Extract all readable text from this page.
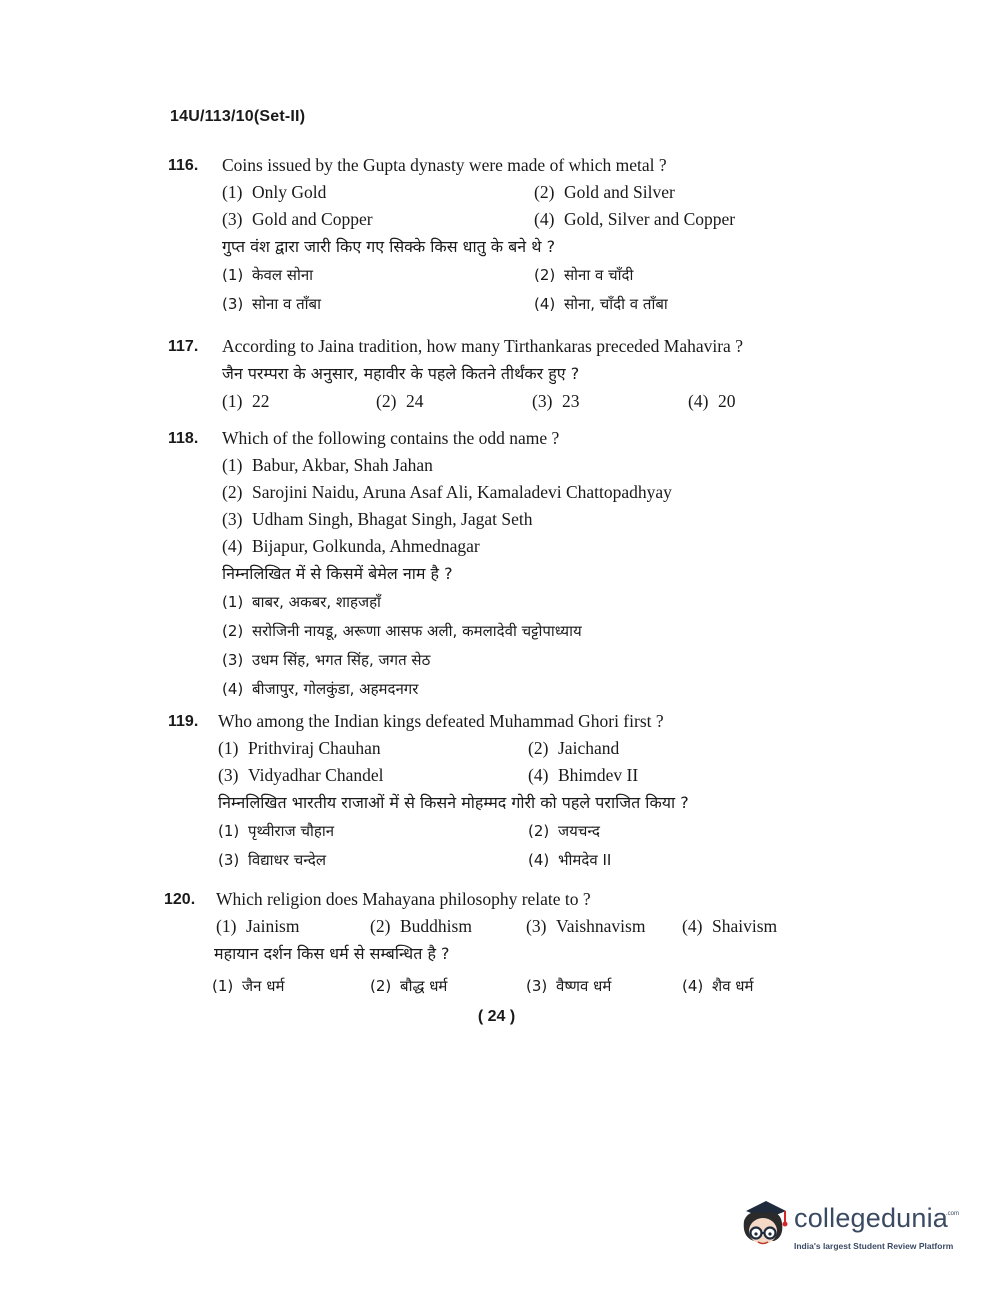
14U/113/10(Set-II)
116.	Coins issued by the Gupta dynasty were made of which metal ?
(1) Only Gold	(2) Gold and Silver
(3) Gold and Copper	(4) Gold, Silver and Copper
गुप्त वंश द्वारा जारी किए गए सिक्के किस धातु के बने थे ?
(1) केवल सोना	(2) सोना व चाँदी
(3) सोना व ताँबा	(4) सोना, चाँदी व ताँबा
117.	According to Jaina tradition, how many Tirthankaras preceded Mahavira ?
जैन परम्परा के अनुसार, महावीर के पहले कितने तीर्थंकर हुए ?
(1) 22	(2) 24	(3) 23	(4) 20
118.	Which of the following contains the odd name ?
(1) Babur, Akbar, Shah Jahan
(2) Sarojini Naidu, Aruna Asaf Ali, Kamaladevi Chattopadhyay
(3) Udham Singh, Bhagat Singh, Jagat Seth
(4) Bijapur, Golkunda, Ahmednagar
निम्नलिखित में से किसमें बेमेल नाम है ?
(1) बाबर, अकबर, शाहजहाँ
(2) सरोजिनी नायडू, अरूणा आसफ अली, कमलादेवी चट्टोपाध्याय
(3) उधम सिंह, भगत सिंह, जगत सेठ
(4) बीजापुर, गोलकुंडा, अहमदनगर
119.	Who among the Indian kings defeated Muhammad Ghori first ?
(1) Prithviraj Chauhan	(2) Jaichand
(3) Vidyadhar Chandel	(4) Bhimdev II
निम्नलिखित भारतीय राजाओं में से किसने मोहम्मद गोरी को पहले पराजित किया ?
(1) पृथ्वीराज चौहान	(2) जयचन्द
(3) विद्याधर चन्देल	(4) भीमदेव II
120.	Which religion does Mahayana philosophy relate to ?
(1) Jainism	(2) Buddhism	(3) Vaishnavism (4) Shaivism
महायान दर्शन किस धर्म से सम्बन्धित है ?
(1) जैन धर्म	(2) बौद्ध धर्म	(3) वैष्णव धर्म	(4) शैव धर्म
( 24 )
collegedunia
.com
India's largest Student Review Platform
